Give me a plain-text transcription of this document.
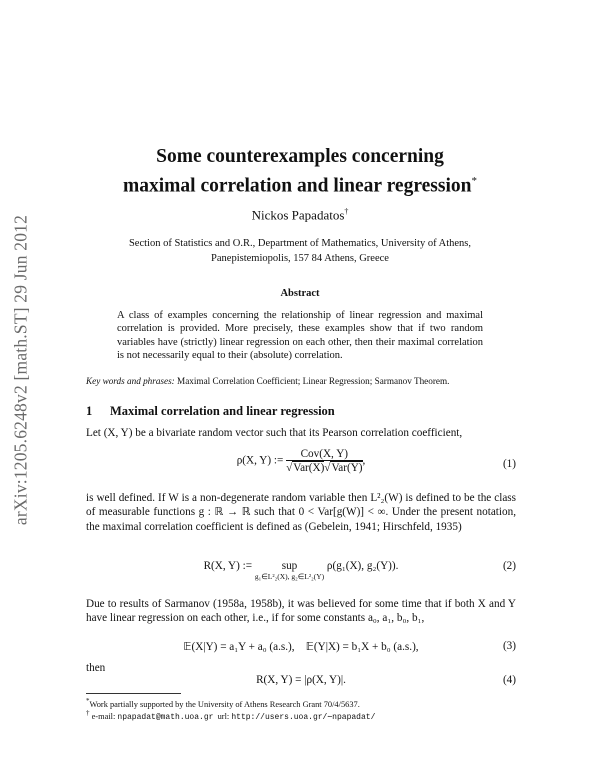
arXiv:1205.6248v2 [math.ST] 29 Jun 2012
Some counterexamples concerning
maximal correlation and linear regression*
Nickos Papadatos†
Section of Statistics and O.R., Department of Mathematics, University of Athens,
Panepistemiopolis, 157 84 Athens, Greece
Abstract
A class of examples concerning the relationship of linear regression and maximal correlation is provided. More precisely, these examples show that if two random variables have (strictly) linear regression on each other, then their maximal correlation is not necessarily equal to their (absolute) correlation.
Key words and phrases: Maximal Correlation Coefficient; Linear Regression; Sarmanov Theorem.
1 Maximal correlation and linear regression
Let (X, Y) be a bivariate random vector such that its Pearson correlation coefficient,
ρ(X, Y) := $\frac{\text{Cov(X, Y)}}{\text{√Var(X)√Var(Y)}}$ ,	(1)
is well defined. If W is a non-degenerate random variable then L²₂(W) is defined to be the class of measurable functions g : ℝ → ℝ such that 0 < Var[g(W)] < ∞. Under the present notation, the maximal correlation coefficient is defined as (Gebelein, 1941; Hirschfeld, 1935)
R(X, Y) :=	sup
g₁∈L²₂(X), g₂∈L²₂(Y)
ρ(g₁(X), g₂(Y)).	(2)
Due to results of Sarmanov (1958a, 1958b), it was believed for some time that if both X and Y have linear regression on each other, i.e., if for some constants a₀, a₁, b₀, b₁,
𝔼(X|Y) = a₁Y + a₀ (a.s.),    𝔼(Y|X) = b₁X + b₀ (a.s.),	(3)
then
R(X, Y) = |ρ(X, Y)|.	(4)
*Work partially supported by the University of Athens Research Grant 70/4/5637.
† e-mail: npapadat@math.uoa.gr url: http://users.uoa.gr/∼npapadat/
